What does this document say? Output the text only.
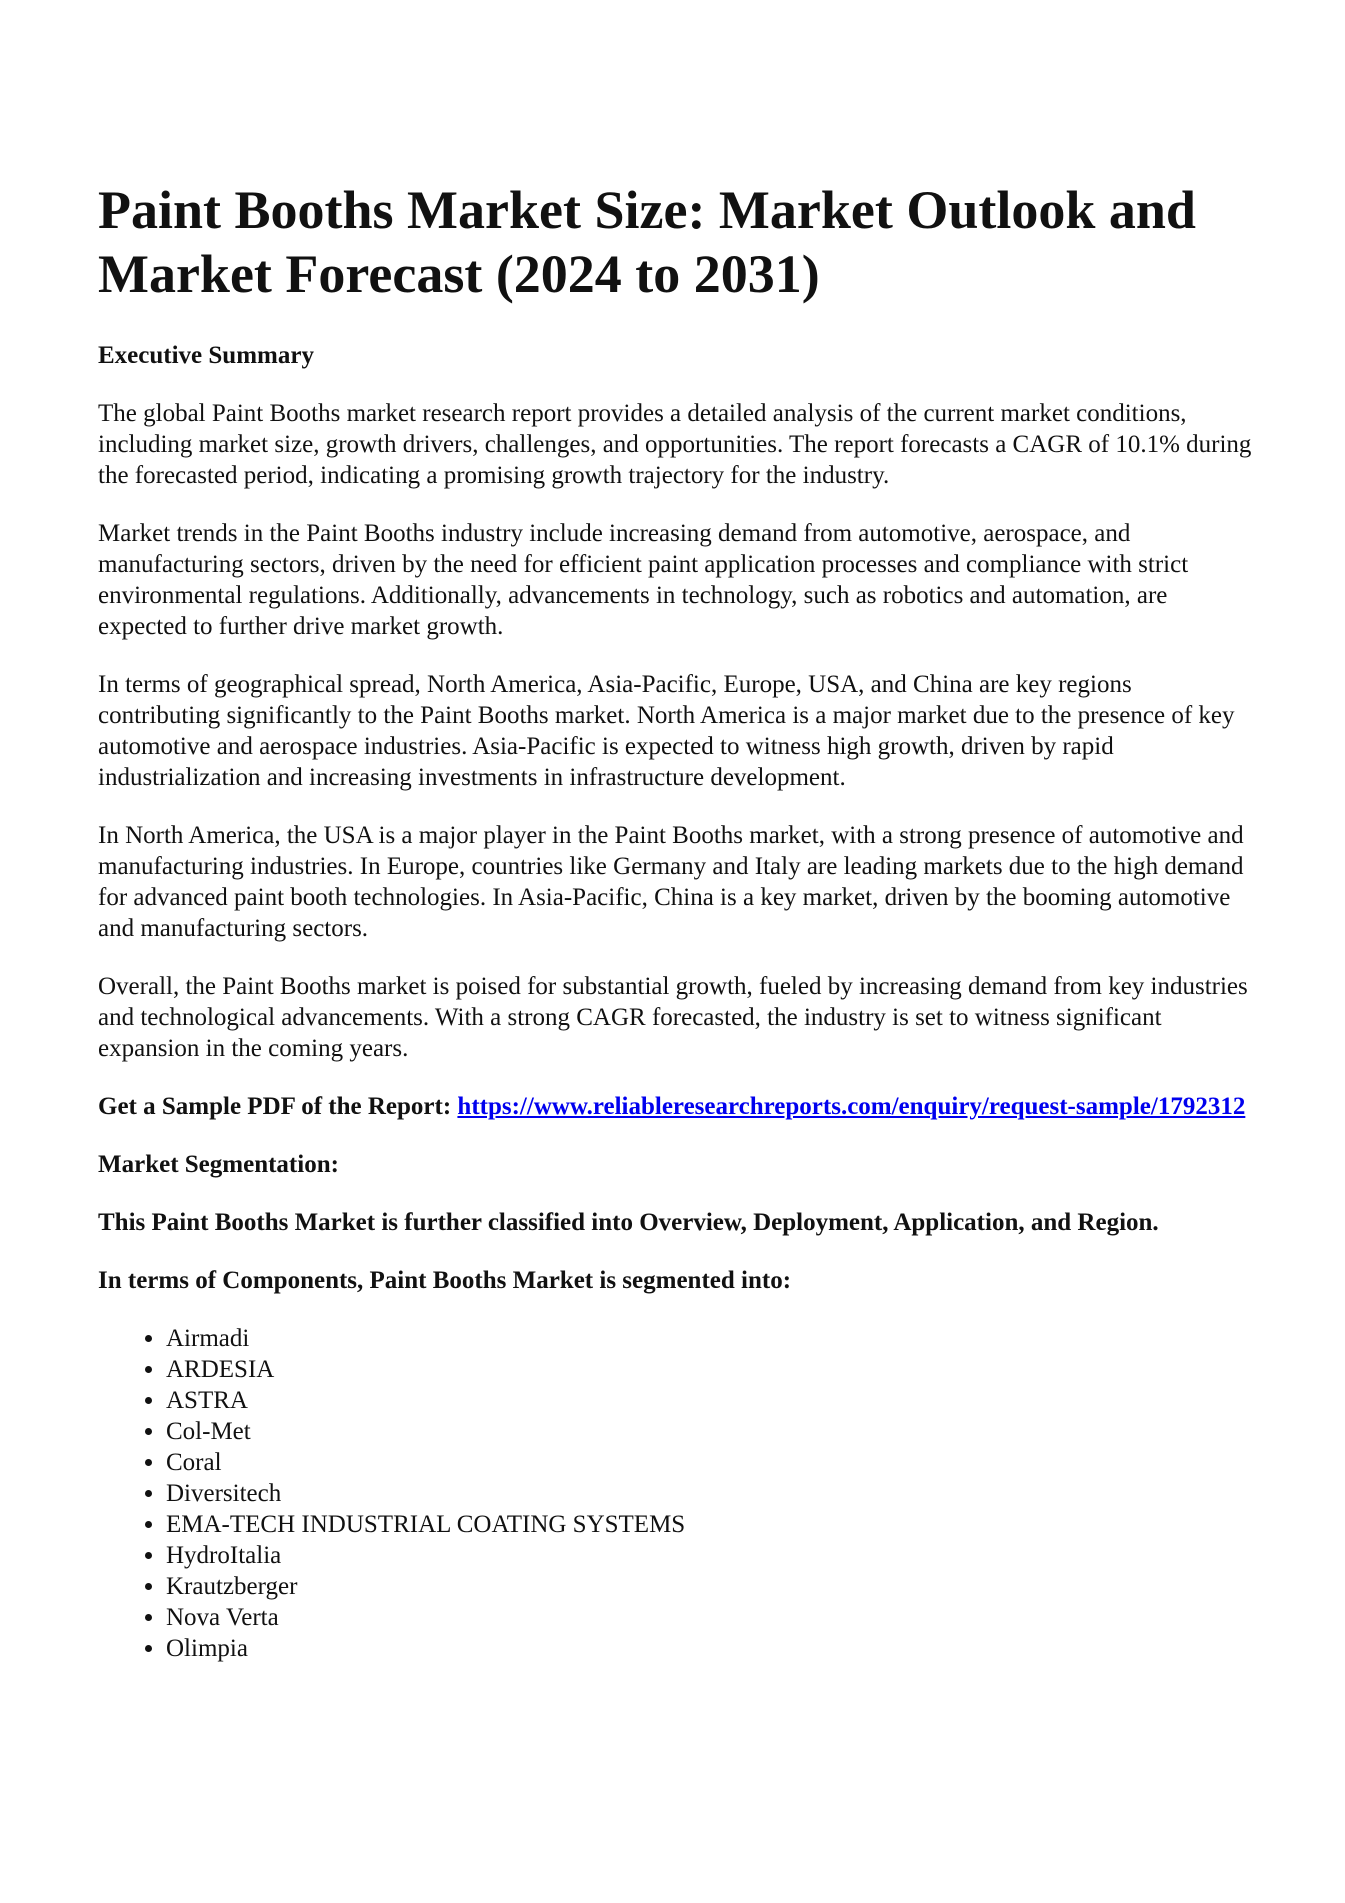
Paint Booths Market Size: Market Outlook and Market Forecast (2024 to 2031)
Executive Summary

The global Paint Booths market research report provides a detailed analysis of the current market conditions, including market size, growth drivers, challenges, and opportunities. The report forecasts a CAGR of 10.1% during the forecasted period, indicating a promising growth trajectory for the industry.

Market trends in the Paint Booths industry include increasing demand from automotive, aerospace, and manufacturing sectors, driven by the need for efficient paint application processes and compliance with strict environmental regulations. Additionally, advancements in technology, such as robotics and automation, are expected to further drive market growth.

In terms of geographical spread, North America, Asia-Pacific, Europe, USA, and China are key regions contributing significantly to the Paint Booths market. North America is a major market due to the presence of key automotive and aerospace industries. Asia-Pacific is expected to witness high growth, driven by rapid industrialization and increasing investments in infrastructure development.

In North America, the USA is a major player in the Paint Booths market, with a strong presence of automotive and manufacturing industries. In Europe, countries like Germany and Italy are leading markets due to the high demand for advanced paint booth technologies. In Asia-Pacific, China is a key market, driven by the booming automotive and manufacturing sectors.

Overall, the Paint Booths market is poised for substantial growth, fueled by increasing demand from key industries and technological advancements. With a strong CAGR forecasted, the industry is set to witness significant expansion in the coming years.

Get a Sample PDF of the Report: https://www.reliableresearchreports.com/enquiry/request-sample/1792312
Market Segmentation:
This Paint Booths Market is further classified into Overview, Deployment, Application, and Region.
In terms of Components, Paint Booths Market is segmented into:
• Airmadi
• ARDESIA
• ASTRA
• Col-Met
• Coral
• Diversitech
• EMA-TECH INDUSTRIAL COATING SYSTEMS
• HydroItalia
• Krautzberger
• Nova Verta
• Olimpia
